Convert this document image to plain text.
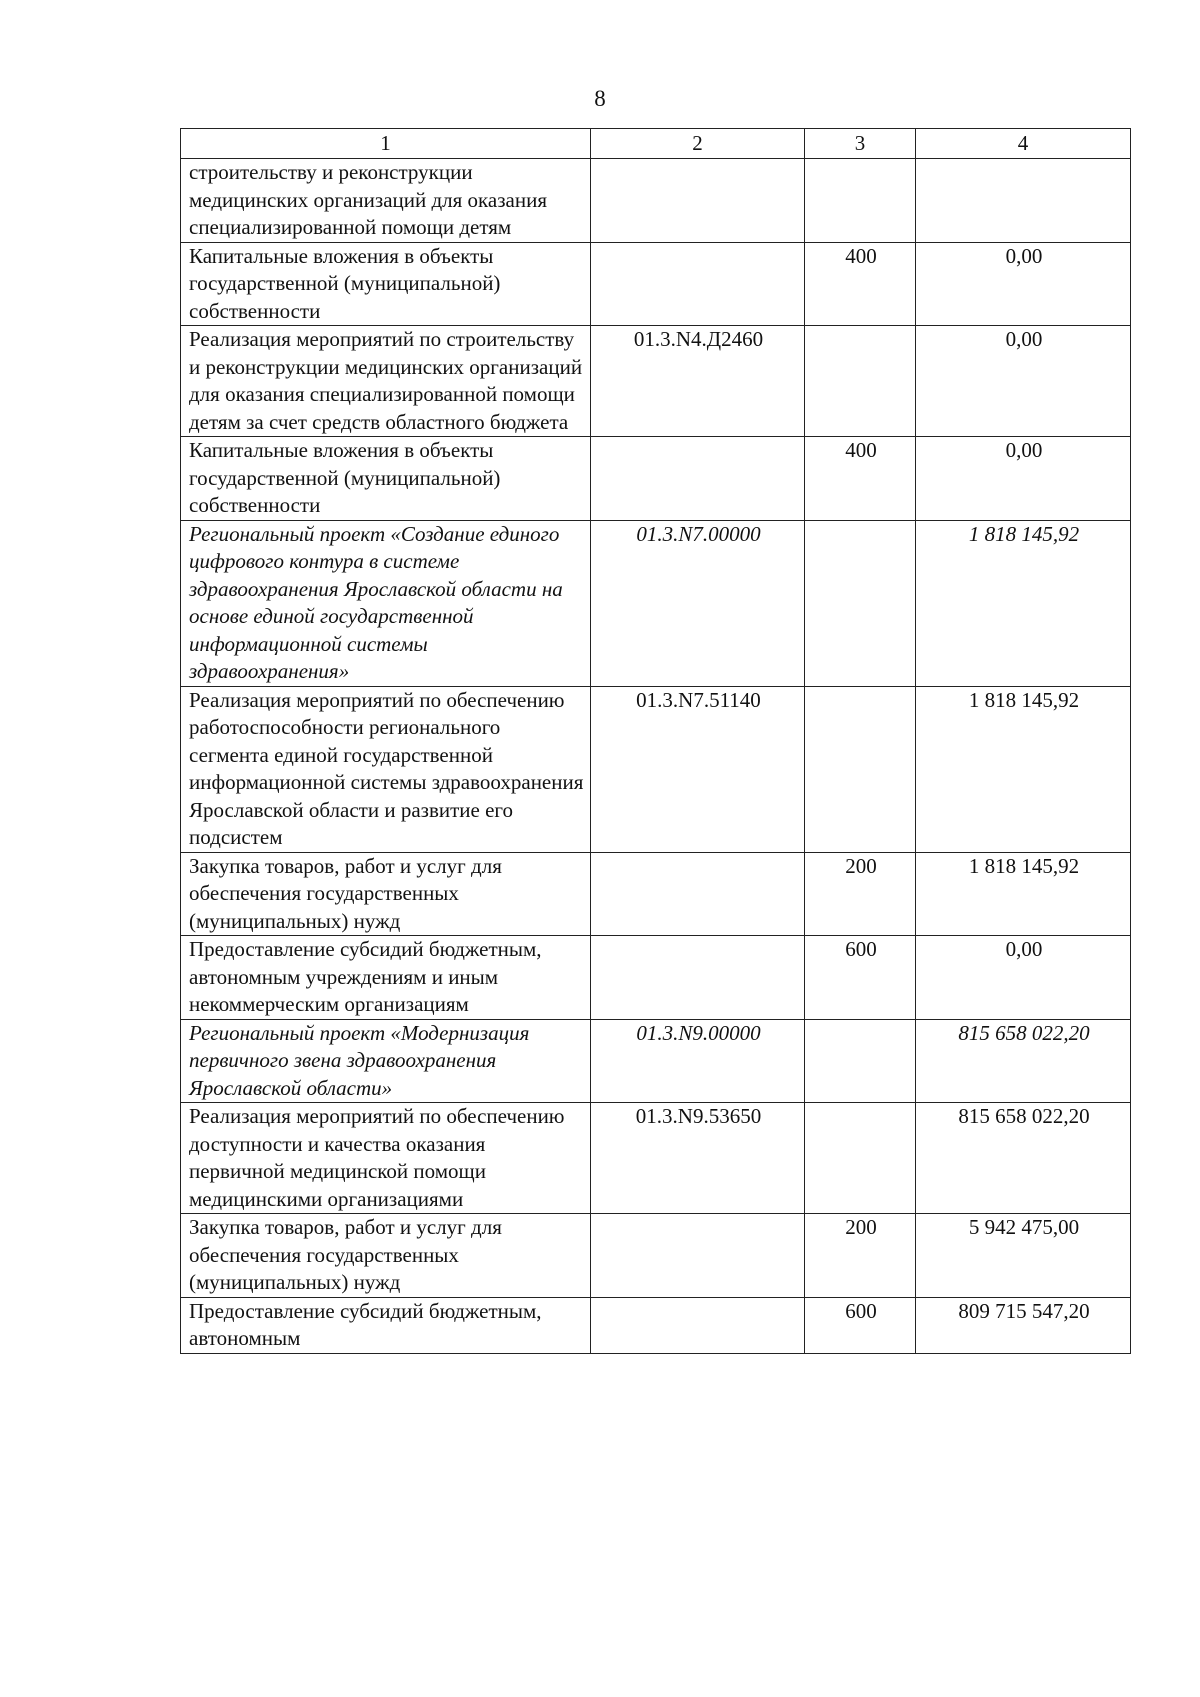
8
1	2	3	4
строительству и реконструкции медицинских организаций для оказания специализированной помощи детям			
Капитальные вложения в объекты государственной (муниципальной) собственности		400	0,00
Реализация мероприятий по строительству и реконструкции медицинских организаций для оказания специализированной помощи детям за счет средств областного бюджета	01.3.N4.Д2460		0,00
Капитальные вложения в объекты государственной (муниципальной) собственности		400	0,00
Региональный проект «Создание единого цифрового контура в системе здравоохранения Ярославской области на основе единой государственной информационной системы здравоохранения»	01.3.N7.00000		1 818 145,92
Реализация мероприятий по обеспечению работоспособности регионального сегмента единой государственной информационной системы здравоохранения Ярославской области и развитие его подсистем	01.3.N7.51140		1 818 145,92
Закупка товаров, работ и услуг для обеспечения государственных (муниципальных) нужд		200	1 818 145,92
Предоставление субсидий бюджетным, автономным учреждениям и иным некоммерческим организациям		600	0,00
Региональный проект «Модернизация первичного звена здравоохранения Ярославской области»	01.3.N9.00000		815 658 022,20
Реализация мероприятий по обеспечению доступности и качества оказания первичной медицинской помощи медицинскими организациями	01.3.N9.53650		815 658 022,20
Закупка товаров, работ и услуг для обеспечения государственных (муниципальных) нужд		200	5 942 475,00
Предоставление субсидий бюджетным, автономным		600	809 715 547,20
